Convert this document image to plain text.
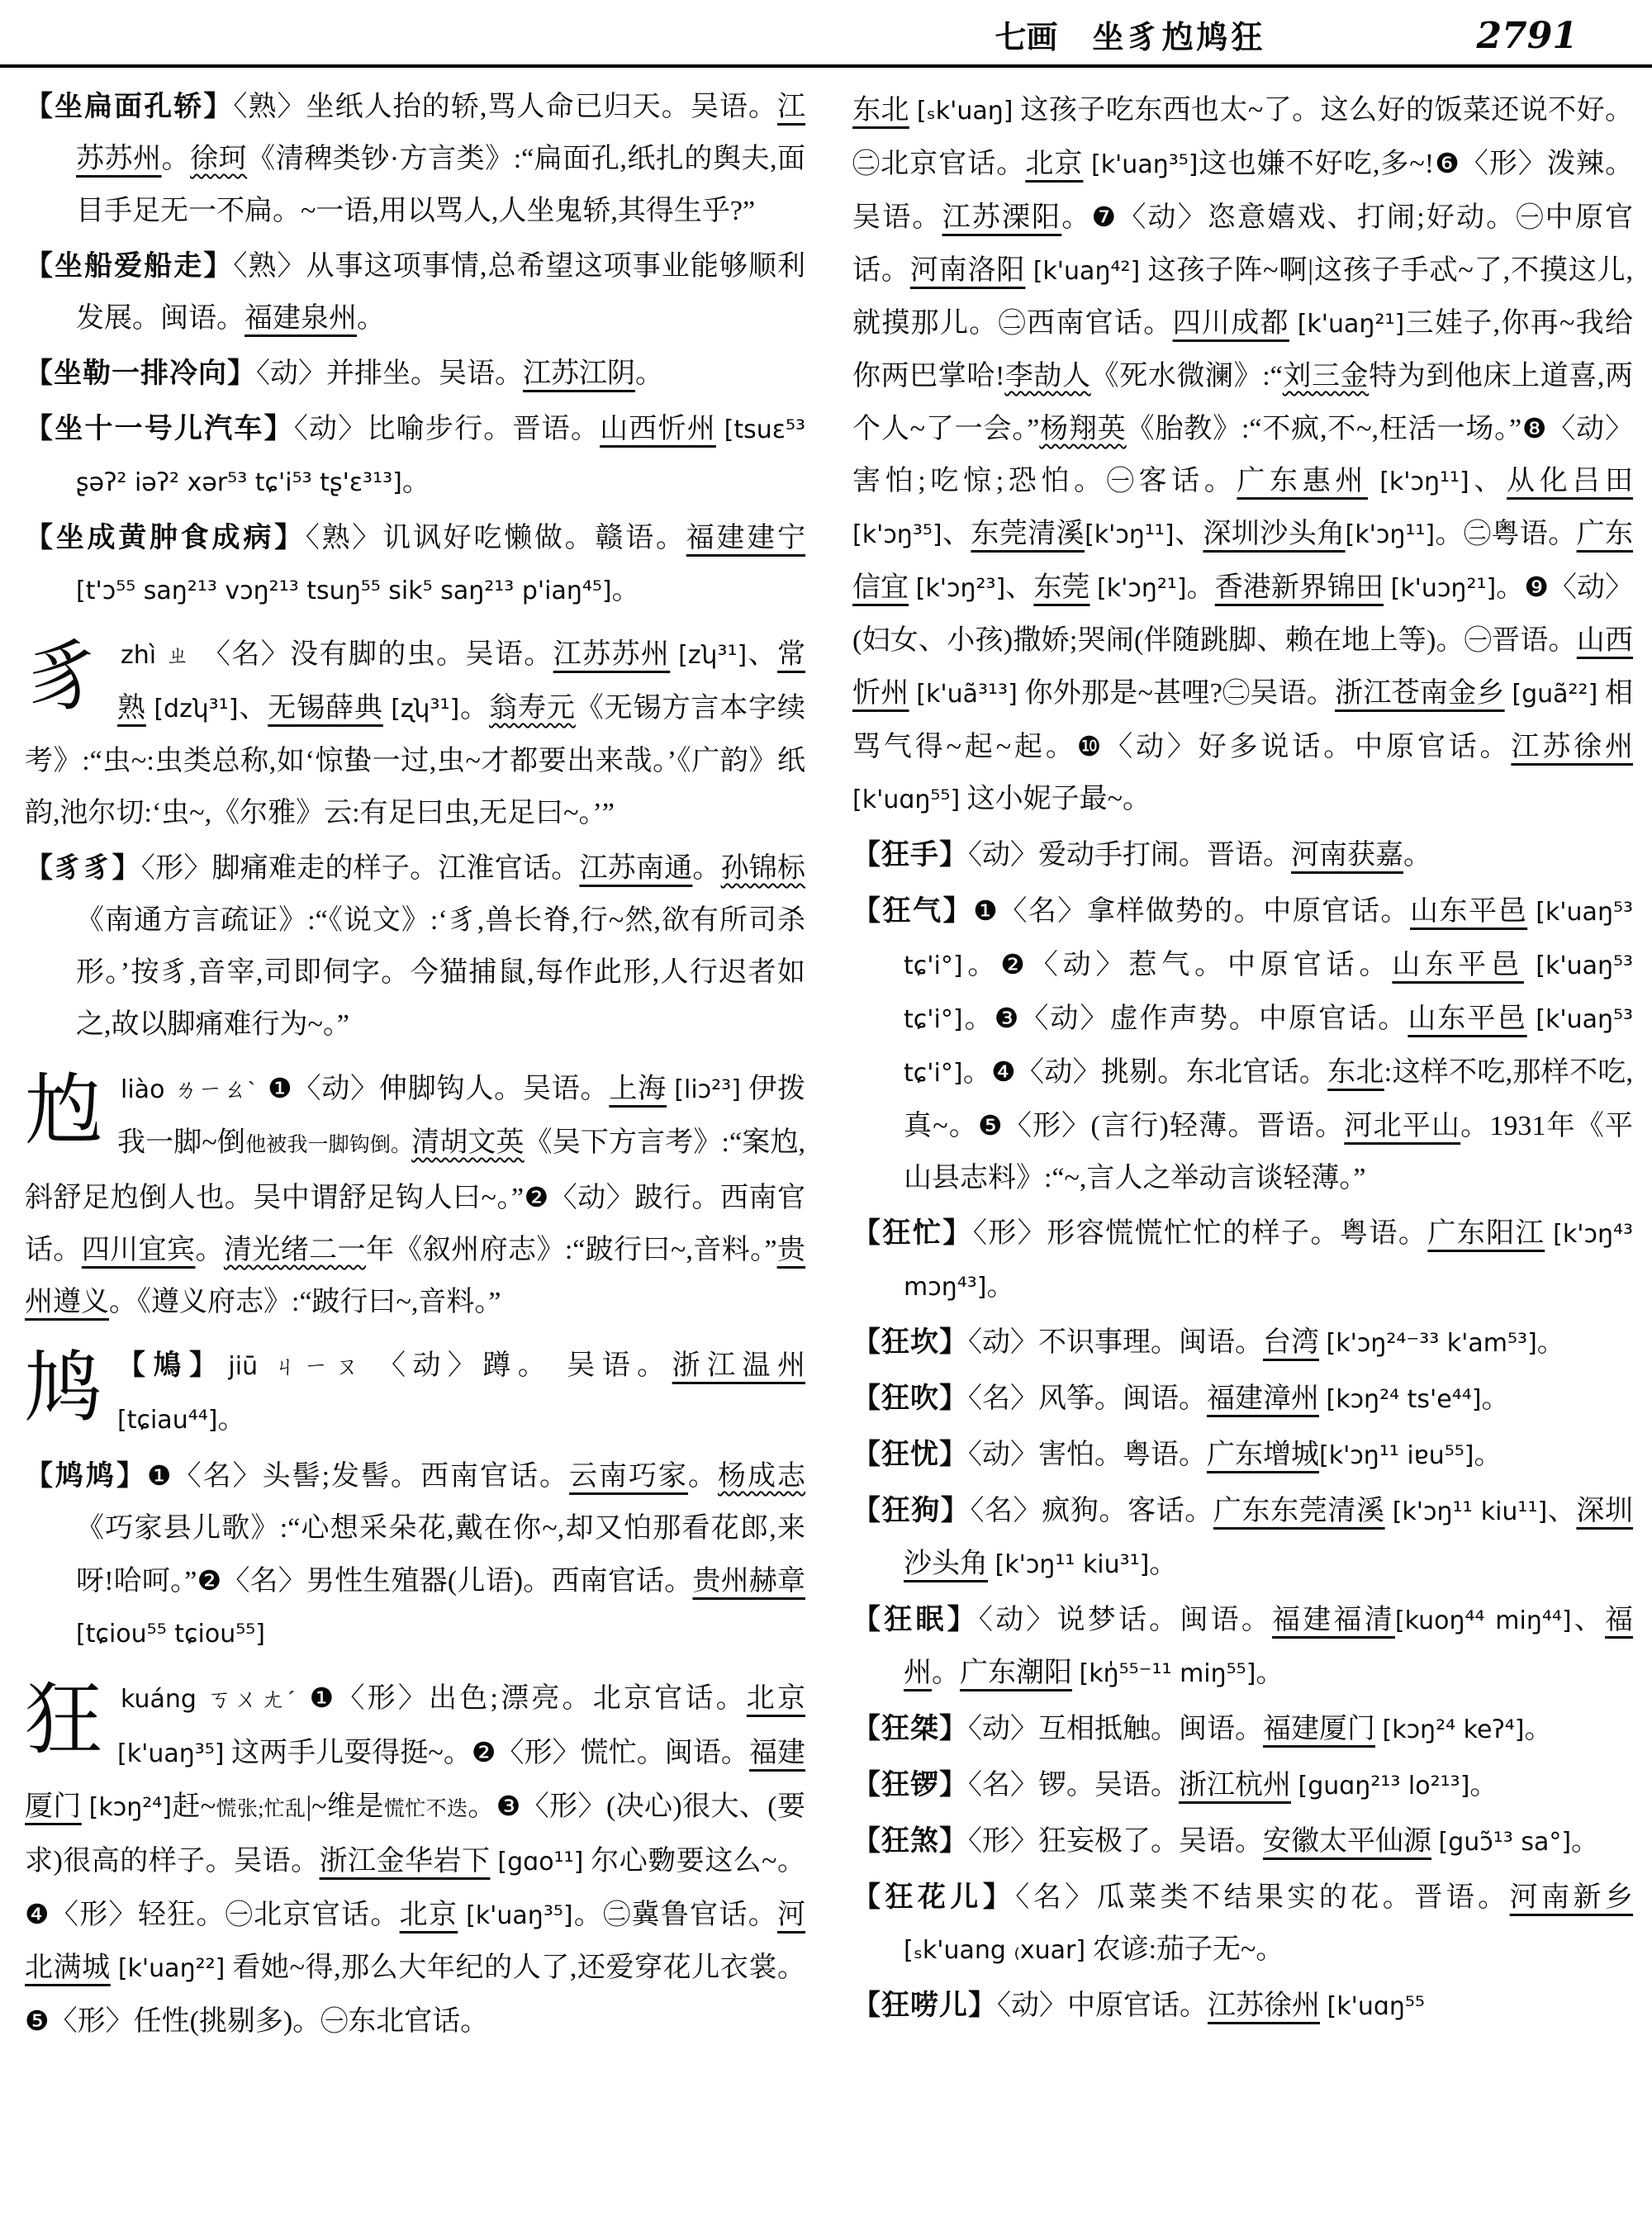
七画 坐豸尥鸠狂	2791

【坐扁面孔轿】〈熟〉坐纸人抬的轿,骂人命已归天。吴语。江苏苏州。徐珂《清稗类钞·方言类》:“扁面孔,纸扎的舆夫,面目手足无一不扁。~一语,用以骂人,人坐鬼轿,其得生乎?”

【坐船爱船走】〈熟〉从事这项事情,总希望这项事业能够顺利发展。闽语。福建泉州。

【坐勒一排冷向】〈动〉并排坐。吴语。江苏江阴。

【坐十一号儿汽车】〈动〉比喻步行。晋语。山西忻州 [tsuɛ⁵³ ʂəʔ² iəʔ² xər⁵³ tɕ'i⁵³ tʂ'ɛ³¹³]。

【坐成黄肿食成病】〈熟〉讥讽好吃懒做。赣语。福建建宁 [t'ɔ⁵⁵ saŋ²¹³ vɔŋ²¹³ tsuŋ⁵⁵ sik⁵ saŋ²¹³ p'iaŋ⁴⁵]。

豸zhì ㄓ 〈名〉没有脚的虫。吴语。江苏苏州 [zʮ³¹]、常熟 [dzʮ³¹]、无锡薛典 [ʐʮ³¹]。翁寿元《无锡方言本字续考》:“虫~:虫类总称,如‘惊蛰一过,虫~才都要出来哉。’《广韵》纸韵,池尔切:‘虫~,《尔雅》云:有足曰虫,无足曰~。’”

【豸豸】〈形〉脚痛难走的样子。江淮官话。江苏南通。孙锦标《南通方言疏证》:“《说文》:‘豸,兽长脊,行~然,欲有所司杀形。’按豸,音宰,司即伺字。今猫捕鼠,每作此形,人行迟者如之,故以脚痛难行为~。”

尥liào ㄌㄧㄠˋ ❶〈动〉伸脚钩人。吴语。上海 [liɔ²³] 伊拨我一脚~倒他被我一脚钩倒。清胡文英《吴下方言考》:“案尥,斜舒足尥倒人也。吴中谓舒足钩人曰~。”❷〈动〉跛行。西南官话。四川宜宾。清光绪二一年《叙州府志》:“跛行曰~,音料。”贵州遵义。《遵义府志》:“跛行曰~,音料。”

鸠 【鳩】 jiū ㄐㄧㄡ 〈动〉蹲。 吴语。浙江温州 [tɕiau⁴⁴]。

【鸠鸠】❶〈名〉头髻;发髻。西南官话。云南巧家。杨成志《巧家县儿歌》:“心想采朵花,戴在你~,却又怕那看花郎,来呀!哈呵。”❷〈名〉男性生殖器(儿语)。西南官话。贵州赫章 [tɕiou⁵⁵ tɕiou⁵⁵]

狂kuáng ㄎㄨㄤˊ ❶〈形〉出色;漂亮。北京官话。北京 [k'uaŋ³⁵] 这两手儿耍得挺~。❷〈形〉慌忙。闽语。福建厦门 [kɔŋ²⁴]赶~慌张;忙乱|~维是慌忙不迭。❸〈形〉(决心)很大、(要求)很高的样子。吴语。浙江金华岩下 [gɑo¹¹] 尔心覅要这么~。❹〈形〉轻狂。㊀北京官话。北京 [k'uaŋ³⁵]。㊁冀鲁官话。河北满城 [k'uaŋ²²] 看她~得,那么大年纪的人了,还爱穿花儿衣裳。❺〈形〉任性(挑剔多)。㊀东北官话。

东北 [ₛk'uaŋ] 这孩子吃东西也太~了。这么好的饭菜还说不好。㊁北京官话。北京 [k'uaŋ³⁵]这也嫌不好吃,多~!❻〈形〉泼辣。吴语。江苏溧阳。❼〈动〉恣意嬉戏、打闹;好动。㊀中原官话。河南洛阳 [k'uaŋ⁴²] 这孩子阵~啊|这孩子手忒~了,不摸这儿,就摸那儿。㊁西南官话。四川成都 [k'uaŋ²¹]三娃子,你再~我给你两巴掌哈!李劼人《死水微澜》:“刘三金特为到他床上道喜,两个人~了一会。”杨翔英《胎教》:“不疯,不~,枉活一场。”❽〈动〉害怕;吃惊;恐怕。㊀客话。广东惠州 [k'ɔŋ¹¹]、从化吕田 [k'ɔŋ³⁵]、东莞清溪[k'ɔŋ¹¹]、深圳沙头角[k'ɔŋ¹¹]。㊁粤语。广东信宜 [k'ɔŋ²³]、东莞 [k'ɔŋ²¹]。香港新界锦田 [k'uɔŋ²¹]。❾〈动〉(妇女、小孩)撒娇;哭闹(伴随跳脚、赖在地上等)。㊀晋语。山西忻州 [k'uã³¹³] 你外那是~甚哩?㊁吴语。浙江苍南金乡 [guã²²] 相骂气得~起~起。❿〈动〉好多说话。中原官话。江苏徐州 [k'uɑŋ⁵⁵] 这小妮子最~。

【狂手】〈动〉爱动手打闹。晋语。河南获嘉。

【狂气】❶〈名〉拿样做势的。中原官话。山东平邑 [k'uaŋ⁵³ tɕ'i°]。❷〈动〉惹气。中原官话。山东平邑 [k'uaŋ⁵³ tɕ'i°]。❸〈动〉虚作声势。中原官话。山东平邑 [k'uaŋ⁵³ tɕ'i°]。❹〈动〉挑剔。东北官话。东北:这样不吃,那样不吃,真~。❺〈形〉(言行)轻薄。晋语。河北平山。1931年《平山县志料》:“~,言人之举动言谈轻薄。”

【狂忙】〈形〉形容慌慌忙忙的样子。粤语。广东阳江 [k'ɔŋ⁴³ mɔŋ⁴³]。

【狂坎】〈动〉不识事理。闽语。台湾 [k'ɔŋ²⁴⁻³³ k'am⁵³]。

【狂吹】〈名〉风筝。闽语。福建漳州 [kɔŋ²⁴ ts'e⁴⁴]。

【狂忧】〈动〉害怕。粤语。广东增城[k'ɔŋ¹¹ iɐu⁵⁵]。

【狂狗】〈名〉疯狗。客话。广东东莞清溪 [k'ɔŋ¹¹ kiu¹¹]、深圳沙头角 [k'ɔŋ¹¹ kiu³¹]。

【狂眠】〈动〉说梦话。闽语。福建福清[kuoŋ⁴⁴ miŋ⁴⁴]、福州。广东潮阳 [kŋ̍⁵⁵⁻¹¹ miŋ⁵⁵]。

【狂桀】〈动〉互相抵触。闽语。福建厦门 [kɔŋ²⁴ keʔ⁴]。

【狂锣】〈名〉锣。吴语。浙江杭州 [guɑŋ²¹³ lo²¹³]。

【狂煞】〈形〉狂妄极了。吴语。安徽太平仙源 [guɔ̃¹³ sa°]。

【狂花儿】〈名〉瓜菜类不结果实的花。晋语。河南新乡 [ₛk'uang ₍xuar] 农谚:茄子无~。

【狂唠儿】〈动〉中原官话。江苏徐州 [k'uɑŋ⁵⁵
